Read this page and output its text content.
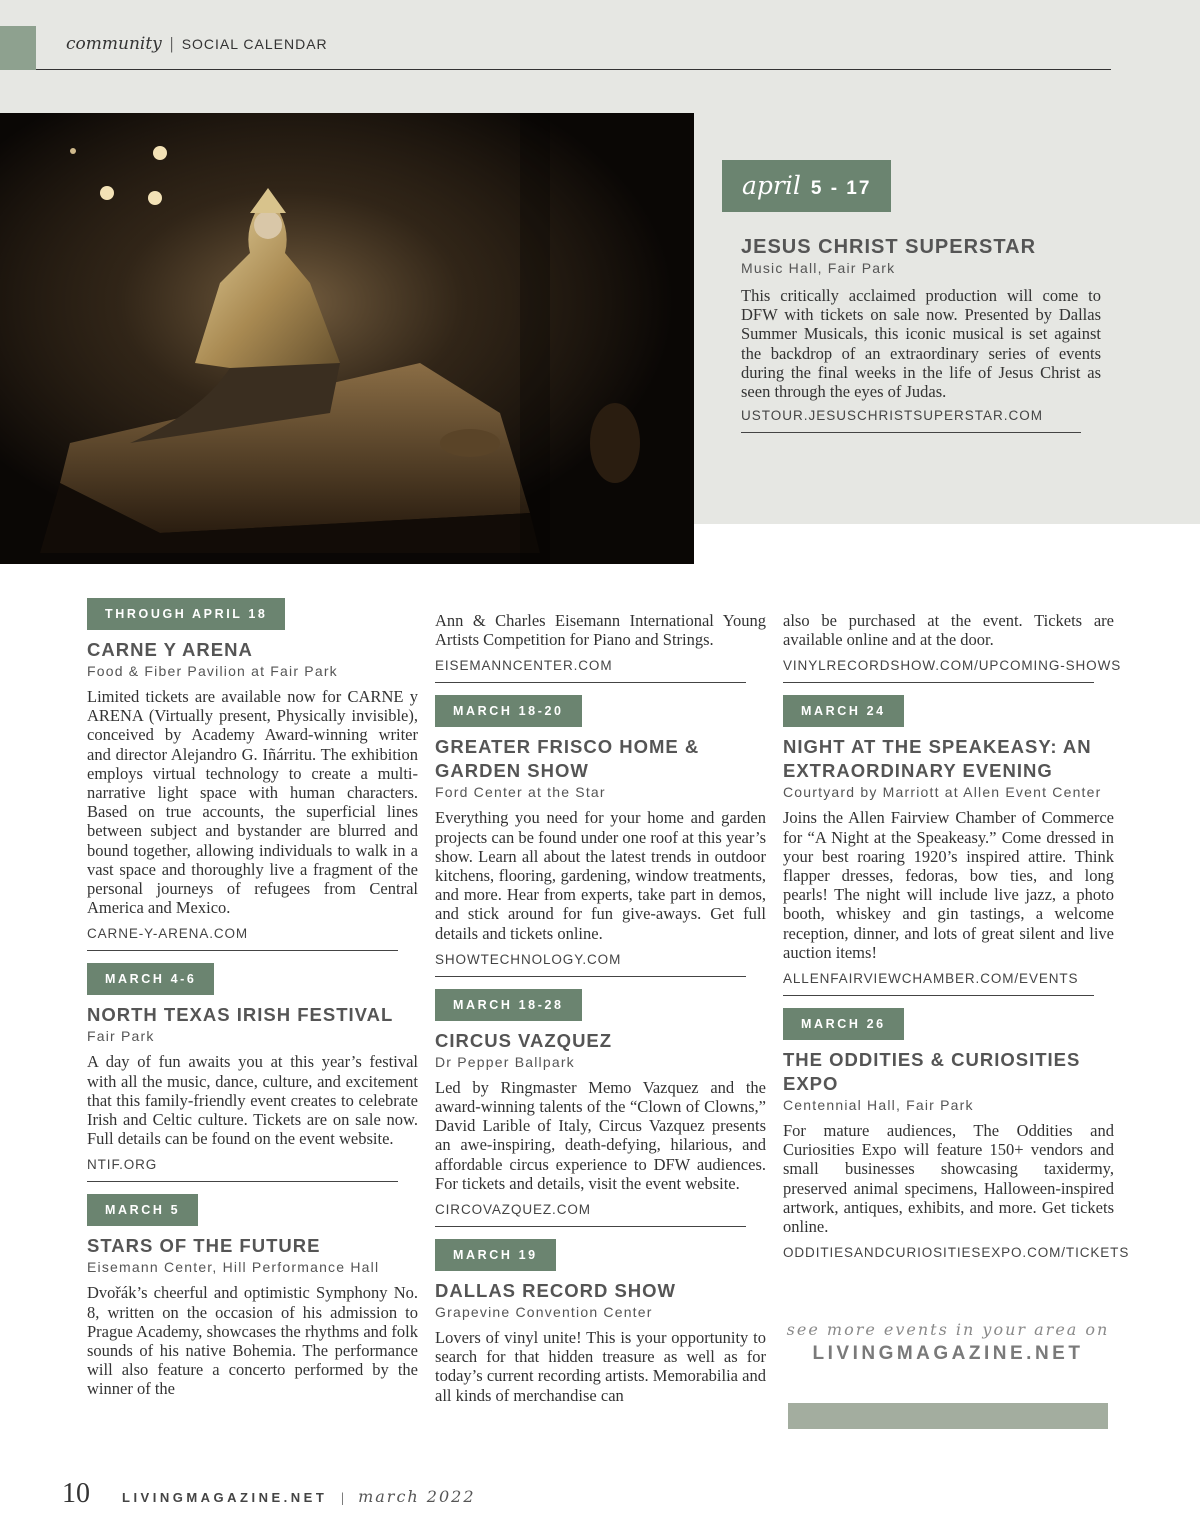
community | SOCIAL CALENDAR
april 5 - 17
JESUS CHRIST SUPERSTAR
Music Hall, Fair Park
This critically acclaimed production will come to DFW with tickets on sale now. Presented by Dallas Summer Musicals, this iconic musical is set against the backdrop of an extraordinary series of events during the final weeks in the life of Jesus Christ as seen through the eyes of Judas.
USTOUR.JESUSCHRISTSUPERSTAR.COM
THROUGH APRIL 18
CARNE Y ARENA
Food & Fiber Pavilion at Fair Park
Limited tickets are available now for CARNE y ARENA (Virtually present, Physically invisible), conceived by Academy Award-winning writer and director Alejandro G. Iñárritu. The exhibition employs virtual technology to create a multi-narrative light space with human characters. Based on true accounts, the superficial lines between subject and bystander are blurred and bound together, allowing individuals to walk in a vast space and thoroughly live a fragment of the personal journeys of refugees from Central America and Mexico.
CARNE-Y-ARENA.COM
MARCH 4-6
NORTH TEXAS IRISH FESTIVAL
Fair Park
A day of fun awaits you at this year’s festival with all the music, dance, culture, and excitement that this family-friendly event creates to celebrate Irish and Celtic culture. Tickets are on sale now. Full details can be found on the event website.
NTIF.ORG
MARCH 5
STARS OF THE FUTURE
Eisemann Center, Hill Performance Hall
Dvořák’s cheerful and optimistic Symphony No. 8, written on the occasion of his admission to Prague Academy, showcases the rhythms and folk sounds of his native Bohemia. The performance will also feature a concerto performed by the winner of the
Ann & Charles Eisemann International Young Artists Competition for Piano and Strings.
EISEMANNCENTER.COM
MARCH 18-20
GREATER FRISCO HOME & GARDEN SHOW
Ford Center at the Star
Everything you need for your home and garden projects can be found under one roof at this year’s show. Learn all about the latest trends in outdoor kitchens, flooring, gardening, window treatments, and more. Hear from experts, take part in demos, and stick around for fun give-aways. Get full details and tickets online.
SHOWTECHNOLOGY.COM
MARCH 18-28
CIRCUS VAZQUEZ
Dr Pepper Ballpark
Led by Ringmaster Memo Vazquez and the award-winning talents of the “Clown of Clowns,” David Larible of Italy, Circus Vazquez presents an awe-inspiring, death-defying, hilarious, and affordable circus experience to DFW audiences. For tickets and details, visit the event website.
CIRCOVAZQUEZ.COM
MARCH 19
DALLAS RECORD SHOW
Grapevine Convention Center
Lovers of vinyl unite! This is your opportunity to search for that hidden treasure as well as for today’s current recording artists. Memorabilia and all kinds of merchandise can
also be purchased at the event. Tickets are available online and at the door.
VINYLRECORDSHOW.COM/UPCOMING-SHOWS
MARCH 24
NIGHT AT THE SPEAKEASY: AN EXTRAORDINARY EVENING
Courtyard by Marriott at Allen Event Center
Joins the Allen Fairview Chamber of Commerce for “A Night at the Speakeasy.” Come dressed in your best roaring 1920’s inspired attire. Think flapper dresses, fedoras, bow ties, and long pearls! The night will include live jazz, a photo booth, whiskey and gin tastings, a welcome reception, dinner, and lots of great silent and live auction items!
ALLENFAIRVIEWCHAMBER.COM/EVENTS
MARCH 26
THE ODDITIES & CURIOSITIES EXPO
Centennial Hall, Fair Park
For mature audiences, The Oddities and Curiosities Expo will feature 150+ vendors and small businesses showcasing taxidermy, preserved animal specimens, Halloween-inspired artwork, antiques, exhibits, and more. Get tickets online.
ODDITIESANDCURIOSITIESEXPO.COM/TICKETS
see more events in your area on
LIVINGMAGAZINE.NET
10 LIVINGMAGAZINE.NET | march 2022
